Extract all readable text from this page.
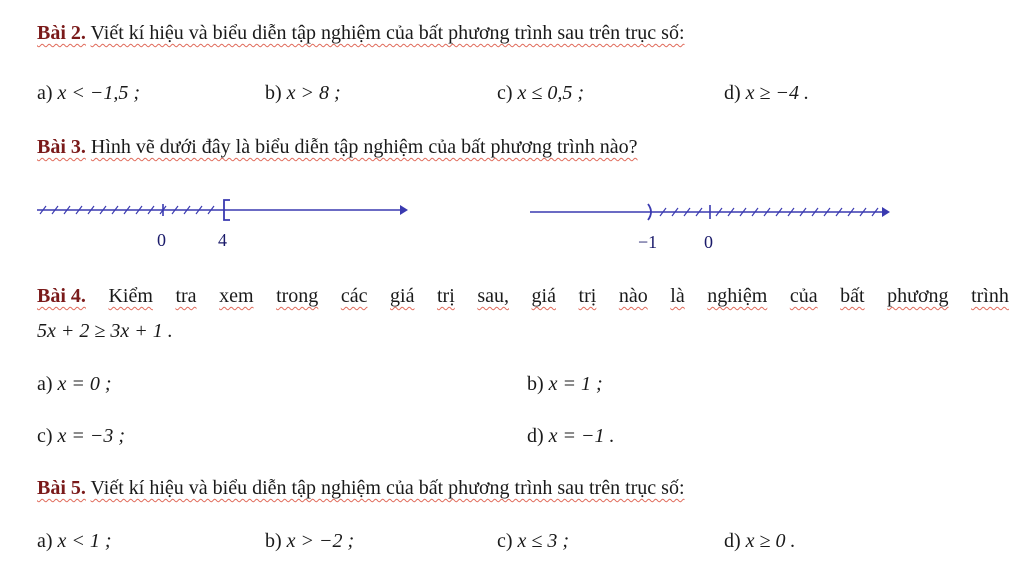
Bài 2. Viết kí hiệu và biểu diễn tập nghiệm của bất phương trình sau trên trục số:
a) x < −1,5 ;	b) x > 8 ;	c) x ≤ 0,5 ;	d) x ≥ −4 .
Bài 3. Hình vẽ dưới đây là biểu diễn tập nghiệm của bất phương trình nào?
0	4	−1	0
Bài 4. Kiểm tra xem trong các giá trị sau, giá trị nào là nghiệm của bất phương trình
5x + 2 ≥ 3x + 1 .
a) x = 0 ;	b) x = 1 ;
c) x = −3 ;	d) x = −1 .
Bài 5. Viết kí hiệu và biểu diễn tập nghiệm của bất phương trình sau trên trục số:
a) x < 1 ;	b) x > −2 ;	c) x ≤ 3 ;	d) x ≥ 0 .
